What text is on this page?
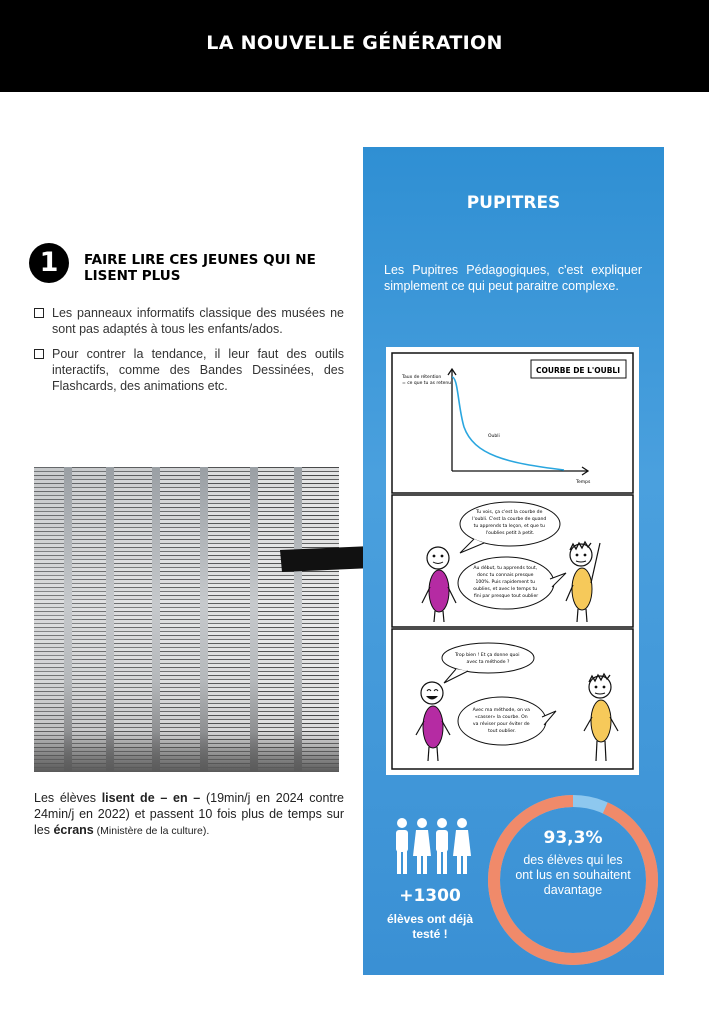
LA NOUVELLE GÉNÉRATION
1	FAIRE LIRE CES JEUNES QUI NE LISENT PLUS
Les panneaux informatifs classique des musées ne sont pas adaptés à tous les enfants/ados.
Pour contrer la tendance, il leur faut des outils interactifs, comme des Bandes Dessinées, des Flashcards, des animations etc.
Les élèves lisent de – en – (19min/j en 2024 contre 24min/j en 2022) et passent 10 fois plus de temps sur les écrans (Ministère de la culture).
PUPITRES
Les Pupitres Pédagogiques, c'est expliquer simplement ce qui peut paraitre complexe.
COURBE DE L'OUBLI
Taux de rétention
= ce que tu as retenu
Oubli
Temps
Tu vois, ça c'est la courbe de l'oubli. C'est la courbe de quand tu apprends ta leçon, et que tu l'oublies petit à petit.
Au début, tu apprends tout, donc tu connais presque 100%. Puis rapidement tu oublies, et avec le temps tu fini par presque tout oublier
Trop bien ! Et ça donne quoi avec ta méthode ?
Avec ma méthode, on va «casser» la courbe. On va réviser pour éviter de tout oublier.
+1300
élèves ont déjà testé !
93,3%
des élèves qui les ont lus en souhaitent davantage
